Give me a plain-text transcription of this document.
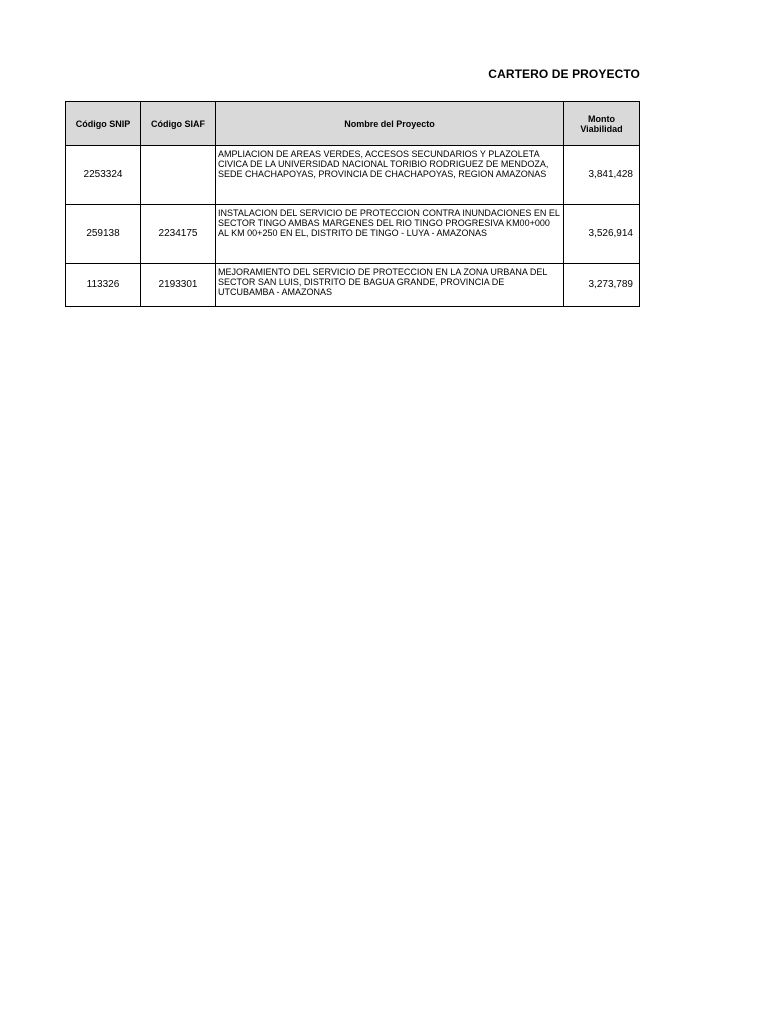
CARTERO DE PROYECTO
Código SNIP	Código SIAF	Nombre del Proyecto	Monto Viabilidad
2253324		AMPLIACION DE AREAS VERDES, ACCESOS SECUNDARIOS Y PLAZOLETA CIVICA DE LA UNIVERSIDAD NACIONAL TORIBIO RODRIGUEZ DE MENDOZA, SEDE CHACHAPOYAS, PROVINCIA DE CHACHAPOYAS, REGION AMAZONAS	3,841,428
259138	2234175	INSTALACION DEL SERVICIO DE PROTECCION CONTRA INUNDACIONES EN EL SECTOR TINGO AMBAS MARGENES DEL RIO TINGO PROGRESIVA KM00+000 AL KM 00+250 EN EL, DISTRITO DE TINGO - LUYA - AMAZONAS	3,526,914
113326	2193301	MEJORAMIENTO DEL SERVICIO DE PROTECCION EN LA ZONA URBANA DEL SECTOR SAN LUIS, DISTRITO DE BAGUA GRANDE, PROVINCIA DE UTCUBAMBA - AMAZONAS	3,273,789
